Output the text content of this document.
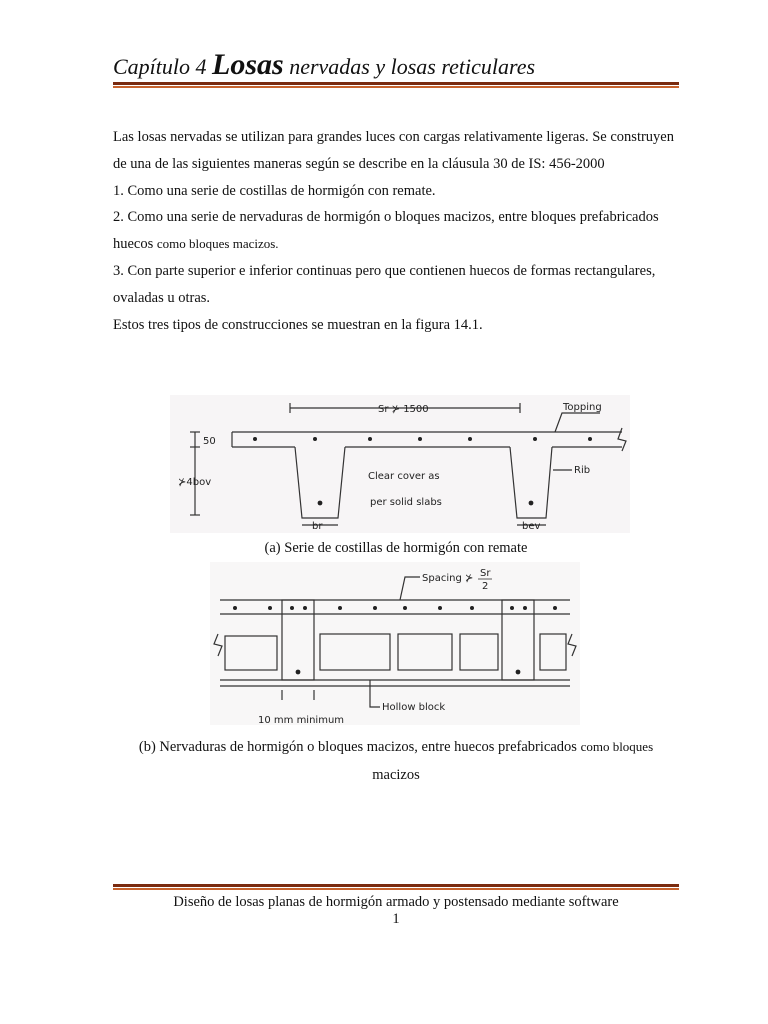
Capítulo 4 Losas nervadas y losas reticulares

Las losas nervadas se utilizan para grandes luces con cargas relativamente ligeras. Se construyen de una de las siguientes maneras según se describe en la cláusula 30 de IS: 456-2000

1. Como una serie de costillas de hormigón con remate.

2. Como una serie de nervaduras de hormigón o bloques macizos, entre bloques prefabricados huecos como bloques macizos.

3. Con parte superior e inferior continuas pero que contienen huecos de formas rectangulares, ovaladas u otras.

Estos tres tipos de construcciones se muestran en la figura 14.1.

Sr ⊁ 1500	Topping
Rib
50
⊁4bov
Clear cover as
per solid slabs
br	bev
(a) Serie de costillas de hormigón con remate
Spacing ⊁ Sr
2
Hollow block
10 mm minimum
(b) Nervaduras de hormigón o bloques macizos, entre huecos prefabricados como bloques
macizos
Diseño de losas planas de hormigón armado y postensado mediante software
1
